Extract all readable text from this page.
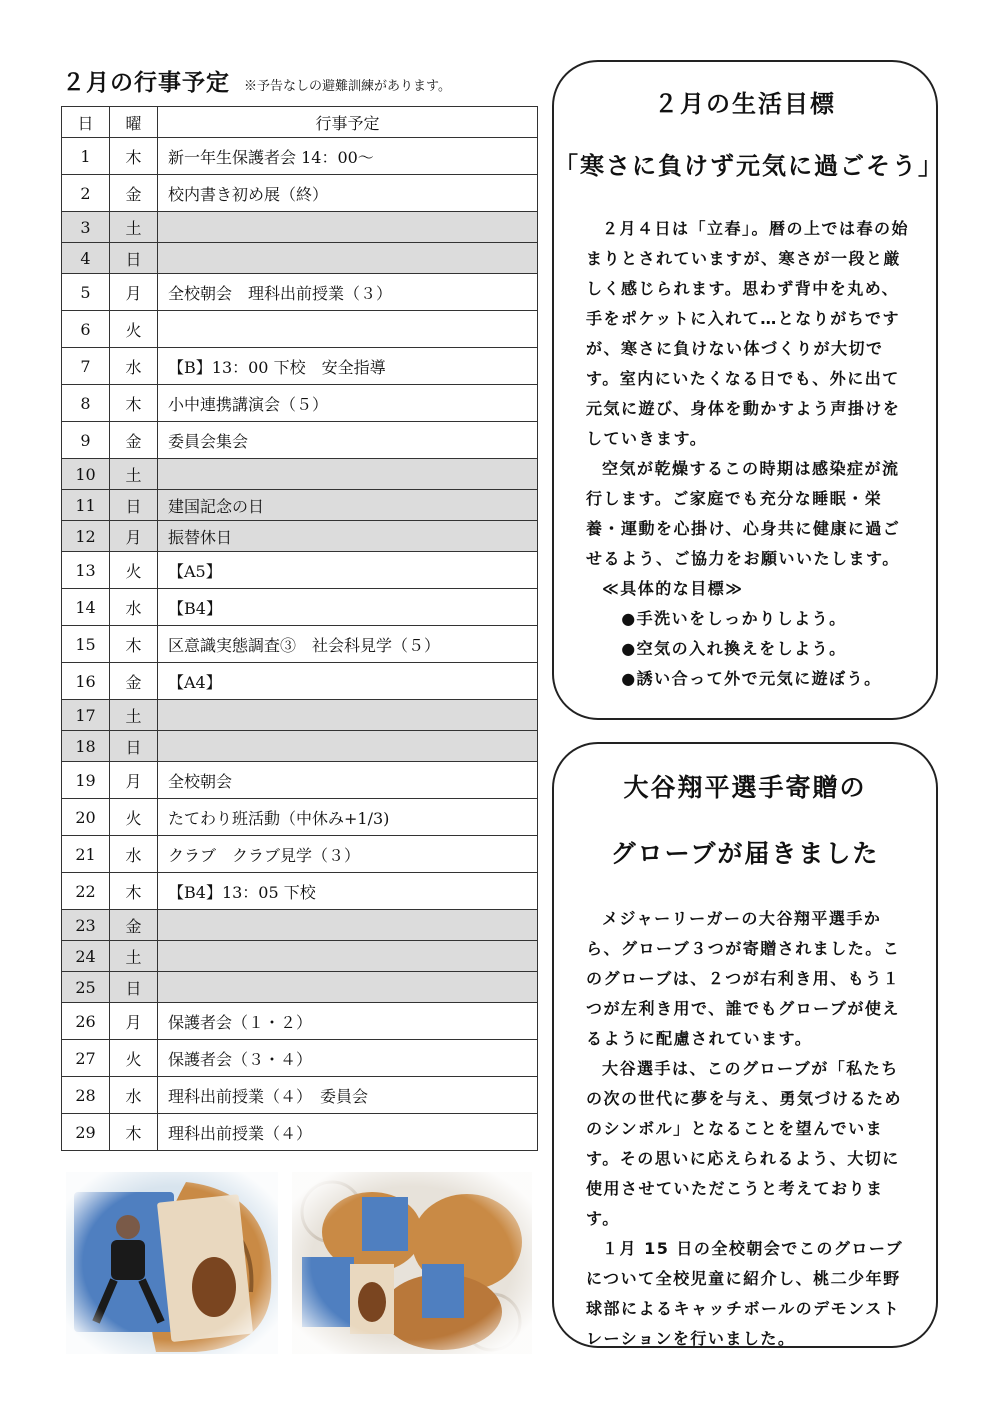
２月の行事予定 ※予告なしの避難訓練があります。
日	曜	行事予定
1	木	新一年生保護者会 14：00～
2	金	校内書き初め展（終）
3	土	
4	日	
5	月	全校朝会　理科出前授業（３）
6	火	
7	水	【B】13：00 下校　安全指導
8	木	小中連携講演会（５）
9	金	委員会集会
10	土	
11	日	建国記念の日
12	月	振替休日
13	火	【A5】
14	水	【B4】
15	木	区意識実態調査③　社会科見学（５）
16	金	【A4】
17	土	
18	日	
19	月	全校朝会
20	火	たてわり班活動（中休み+1/3)
21	水	クラブ　クラブ見学（３）
22	木	【B4】13：05 下校
23	金	
24	土	
25	日	
26	月	保護者会（１・２）
27	火	保護者会（３・４）
28	水	理科出前授業（４）　委員会
29	木	理科出前授業（４）
２月の生活目標
「寒さに負けず元気に過ごそう」

２月４日は「立春」。暦の上では春の始まりとされていますが、寒さが一段と厳しく感じられます。思わず背中を丸め、手をポケットに入れて…となりがちですが、寒さに負けない体づくりが大切です。室内にいたくなる日でも、外に出て元気に遊び、身体を動かすよう声掛けをしていきます。

空気が乾燥するこの時期は感染症が流行します。ご家庭でも充分な睡眠・栄養・運動を心掛け、心身共に健康に過ごせるよう、ご協力をお願いいたします。

≪具体的な目標≫
●手洗いをしっかりしよう。
●空気の入れ換えをしよう。
●誘い合って外で元気に遊ぼう。
大谷翔平選手寄贈の
グローブが届きました

メジャーリーガーの大谷翔平選手から、グローブ３つが寄贈されました。このグローブは、２つが右利き用、もう１つが左利き用で、誰でもグローブが使えるように配慮されています。

大谷選手は、このグローブが「私たちの次の世代に夢を与え、勇気づけるためのシンボル」となることを望んでいます。その思いに応えられるよう、大切に使用させていただこうと考えております。

１月 15 日の全校朝会でこのグローブについて全校児童に紹介し、桃二少年野球部によるキャッチボールのデモンストレーションを行いました。
